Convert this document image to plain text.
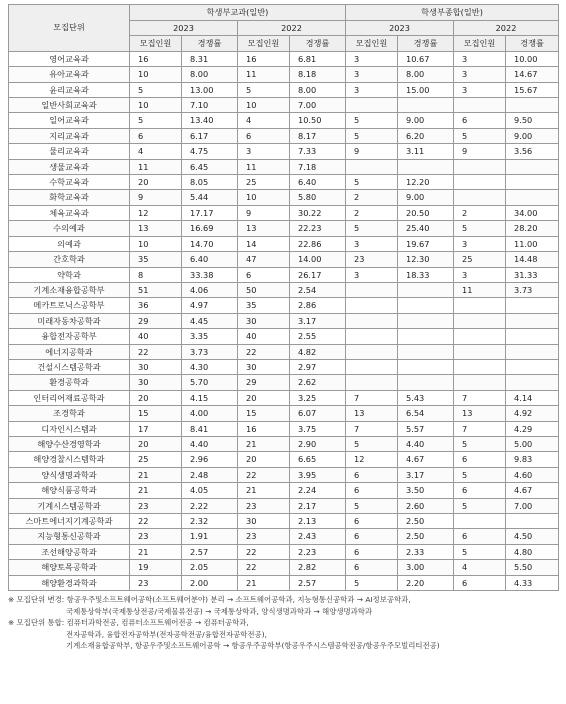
모집단위	학생부교과(일반)				학생부종합(일반)			
	2023		2022		2023		2022	
	모집인원	경쟁률	모집인원	경쟁률	모집인원	경쟁률	모집인원	경쟁률
영어교육과	16	8.31	16	6.81	3	10.67	3	10.00
유아교육과	10	8.00	11	8.18	3	8.00	3	14.67
윤리교육과	5	13.00	5	8.00	3	15.00	3	15.67
일반사회교육과	10	7.10	10	7.00				
일어교육과	5	13.40	4	10.50	5	9.00	6	9.50
지리교육과	6	6.17	6	8.17	5	6.20	5	9.00
물리교육과	4	4.75	3	7.33	9	3.11	9	3.56
생물교육과	11	6.45	11	7.18				
수학교육과	20	8.05	25	6.40	5	12.20		
화학교육과	9	5.44	10	5.80	2	9.00		
체육교육과	12	17.17	9	30.22	2	20.50	2	34.00
수의예과	13	16.69	13	22.23	5	25.40	5	28.20
의예과	10	14.70	14	22.86	3	19.67	3	11.00
간호학과	35	6.40	47	14.00	23	12.30	25	14.48
약학과	8	33.38	6	26.17	3	18.33	3	31.33
기계소재융합공학부	51	4.06	50	2.54			11	3.73
메카트로닉스공학부	36	4.97	35	2.86				
미래자동차공학과	29	4.45	30	3.17				
융합전자공학부	40	3.35	40	2.55				
에너지공학과	22	3.73	22	4.82				
건설시스템공학과	30	4.30	30	2.97				
환경공학과	30	5.70	29	2.62				
인터리어재료공학과	20	4.15	20	3.25	7	5.43	7	4.14
조경학과	15	4.00	15	6.07	13	6.54	13	4.92
디자인시스템과	17	8.41	16	3.75	7	5.57	7	4.29
해양수산경영학과	20	4.40	21	2.90	5	4.40	5	5.00
해양경찰시스템학과	25	2.96	20	6.65	12	4.67	6	9.83
양식생명과학과	21	2.48	22	3.95	6	3.17	5	4.60
해양식품공학과	21	4.05	21	2.24	6	3.50	6	4.67
기계시스템공학과	23	2.22	23	2.17	5	2.60	5	7.00
스마트에너지기계공학과	22	2.32	30	2.13	6	2.50		
지능형통신공학과	23	1.91	23	2.43	6	2.50	6	4.50
조선해양공학과	21	2.57	22	2.23	6	2.33	5	4.80
해양토목공학과	19	2.05	22	2.82	6	3.00	4	5.50
해양환경과학과	23	2.00	21	2.57	5	2.20	6	4.33
※ 모집단위 변경: 항공우주및소프트웨어공학(소프트웨어분야) 분리 → 소프트웨어공학과, 지능형통신공학과 → AI정보공학과,
국제통상학부(국제통상전공/국제물류전공) → 국제통상학과, 양식생명과학과 → 해양생명과학과
※ 모집단위 통합: 컴퓨터과학전공, 컴퓨터소프트웨어전공 → 컴퓨터공학과,
전자공학과, 융합전자공학부(전자공학전공/융합전자공학전공),
기계소재융합공학부, 항공우주및소프트웨어공학 → 항공우주공학부(항공우주시스템공학전공/항공우주모빌리티전공)
